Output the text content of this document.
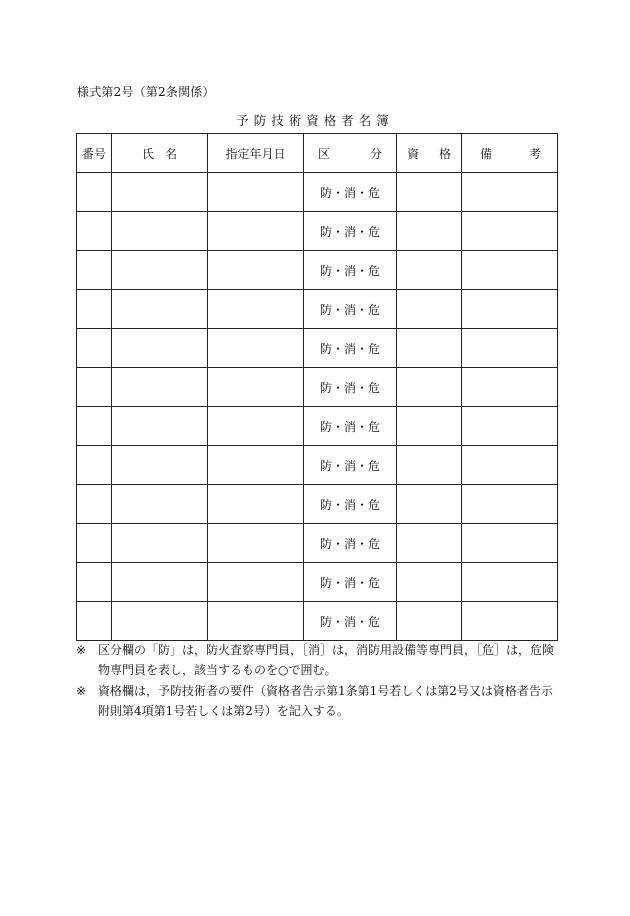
様式第2号（第2条関係）
予防技術資格者名簿
番号	氏 名	指定年月日	区 分	資 格	備 考

			防・消・危		
			防・消・危		
			防・消・危		
			防・消・危		
			防・消・危		
			防・消・危		
			防・消・危		
			防・消・危		
			防・消・危		
			防・消・危		
			防・消・危		
			防・消・危		
※ 区分欄の「防」は，防火査察専門員，［消］は，消防用設備等専門員，［危］は，危険物専門員を表し，該当するものを○で囲む。
※ 資格欄は，予防技術者の要件（資格者告示第1条第1号若しくは第2号又は資格者告示附則第4項第1号若しくは第2号）を記入する。
